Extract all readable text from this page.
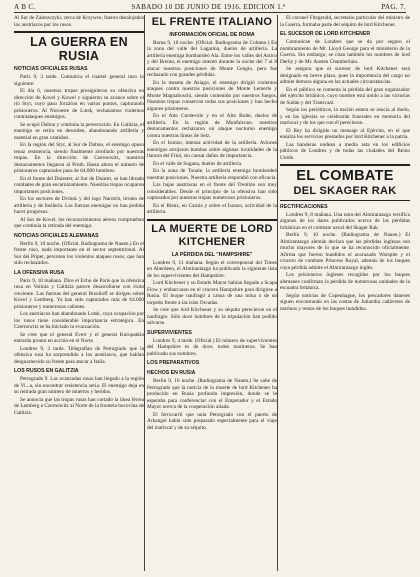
A B C.	SABADO 10 DE JUNIO DE 1916. EDICION 1.ª	PAG. 7.

Al Sur de Zaleszczyki, cerca de Krzywce, fueron desalojados los austriacos por los rusos.

LA GUERRA EN RUSIA
NOTICIAS OFICIALES RUSAS

París 9, 3 tarde. Comunica el cuartel general ruso lo siguiente:

El día 6, nuestras tropas prosiguieron su ofensiva en dirección de Kovel y Kowel y siguieron su avance sobre el río Styr, cuyo paso forzaron en varios puntos, capturando prisioneros. Al Noroeste de Lutsk, rechazamos violentos contraataques enemigos.

Se ocupó Dubno y continúa la persecución. En Galitzia, el enemigo se retira en desorden, abandonando artillería y material en gran cantidad.

En la región del Styr, al Sur de Dubno, el enemigo opuso tenaz resistencia, siendo finalmente arrollado por nuestras tropas. En la dirección de Czernowitz, nuestros destacamentos llegaron al Pruth. Hasta ahora el número de prisioneros capturados pasa de 64.000 hombres.

En el frente del Dniester, al Sur de Dniestr, se han librado combates de gran encarnizamiento. Nuestras tropas ocuparon importantes posiciones.

En los sectores de Dvinsk y del lago Narotch, tiroteo de artillería y de fusilería. Las fuerzas enemigas no han podido hacer progresos.

Al Sur de Kovel, los reconocimientos aéreos comprueban que continúa la retirada del enemigo.

NOTICIAS OFICIALES ALEMANAS

Berlín 9, 10 noche. (Oficial. Radiograma de Nauen.) En el frente ruso, nada importante en el sector septentrional. Al Sur del Pripet, persisten los violentos ataques rusos, que han sido rechazados.

LA OFENSIVA RUSA

París 9, 10 mañana. Dice el Echo de Paris que la ofensiva rusa en Volinia y Galitzia parece desarrollarse con éxito creciente. Las fuerzas del general Brusiloff se dirigen sobre Kovel y Lemberg. Ya han sido capturados más de 64.000 prisioneros y numerosos cañones.

Los austriacos han abandonado Lutsk, cuya ocupación por los rusos tiene considerable importancia estratégica. En Czernowitz se ha iniciado la evacuación.

Se cree que el general Evert y el general Kuropatkin entrarán pronto en acción en el Norte.

Londres 9, 3 tarde. Telegrafían de Petrogrado que la ofensiva rusa ha sorprendido a los austriacos, que habían desguarnecido su frente para atacar a Italia.

LOS RUSOS EN GALITZIA

Petrogrado 9. Las avanzadas rusas han llegado a la región de Vi...a, sin encontrar resistencia seria. El enemigo deja en su retirada gran número de muertos y heridos.

Se anuncia que las tropas rusas han cortado la línea férrea de Lemberg a Czernowitz al Norte de la frontera bucovina de Galitzia.

EL FRENTE ITALIANO
INFORMACIÓN OFICIAL DE ROMA

Roma 9, 10 noche. (Oficial. Radiograma de Coltano.) En la zona del valle del Lagarina, duelos de artillería. La artillería enemiga bombardeó Ala. Entre los valles del Astico y del Brenta, el enemigo intentó durante la noche del 7 al 8 atacar nuestras posiciones de Monte Cengio, pero fue rechazado con grandes pérdidas.

En la meseta de Asiago, el enemigo dirigió violentos ataques contra nuestras posiciones de Monte Lemerle y Monte Magnaboschi, siendo contenido por nuestros fuegos. Nuestras tropas conservan todas sus posiciones y han hecho algunos prisioneros.

En el Alto Cordevole y en el Alto Boite, duelos de artillería. En la región de Monfalcone, nuestros destacamentos rechazaron un ataque nocturno enemigo contra nuestras líneas de Selz.

En el Isonzo, intensa actividad de la artillería. Aviones enemigos arrojaron bombas sobre algunas localidades de la llanura del Friul, sin causar daños de importancia.

En el valle de Sugana, duelos de artillería.

En la zona de Tonale, la artillería enemiga bombardeó nuestras posiciones. Nuestra artillería respondió con eficacia.

Las bajas austriacas en el frente del Trentino son muy considerables. Desde el principio de la ofensiva han sido capturados por nuestras tropas numerosos prisioneros.

En el Rienz, en Carnia y sobre el Isonzo, actividad de la artillería.

LA MUERTE DE LORD
KITCHENER
LA PÉRDIDA DEL "HAMPSHIRE"

Londres 9, 11 mañana. Según el corresponsal del Times en Aberdeen, el Almirantazgo ha publicado la siguiente lista de los supervivientes del Hampshire.

Lord Kitchener y su Estado Mayor habían llegado a Scapa Flow y embarcaron en el crucero Hampshire para dirigirse a Rusia. El buque naufragó a causa de una mina o de un torpedo frente a las islas Orcadas.

Se cree que lord Kitchener y su séquito perecieron en el naufragio. Sólo doce hombres de la tripulación han podido salvarse.

SUPERVIVIENTES

Londres 9, 4 tarde. (Oficial.) El número de supervivientes del Hampshire es de doce, todos marineros. Se han publicado sus nombres.

LOS PREPARATIVOS
HECHOS EN RUSIA

Berlín 9, 10 noche. (Radiograma de Nauen.) Se sabe de Petrogrado que la noticia de la muerte de lord Kitchener ha producido en Rusia profunda impresión, donde se le esperaba para conferenciar con el Emperador y el Estado Mayor acerca de la cooperación aliada.

El ferrocarril que unía Petrogrado con el puerto de Arkangel había sido preparado especialmente para el viaje del mariscal y de su séquito.

El coronel Fitzgerald, secretario particular del ministro de la Guerra, formaba parte del séquito de lord Kitchener.

EL SUCESOR DE LORD KITCHENER

Comunican de Londres que se da por seguro el nombramiento de Mr. Lloyd George para el ministerio de la Guerra. Sin embargo, se citan también los nombres de lord Derby y de Mr. Austen Chamberlain.

Se asegura que el sucesor de lord Kitchener será designado en breve plazo, pues la importancia del cargo no admite demora alguna en las actuales circunstancias.

En el público se comenta la pérdida del gran organizador del ejército británico, cuyo nombre está unido a las victorias de Sudán y del Transvaal.

Según los periódicos, la nación entera se asocia al duelo, y en las iglesias se celebrarán funerales en memoria del mariscal y de los que con él perecieron.

El Rey ha dirigido un mensaje al Ejército, en el que ensalza los servicios prestados por lord Kitchener a la patria.

Las banderas ondean a media asta en los edificios públicos de Londres y de todas las ciudades del Reino Unido.

EL COMBATE
DEL SKAGER RAK
RECTIFICACIONES

Londres 9, 8 mañana. Una nota del Almirantazgo rectifica algunos de los datos publicados acerca de las pérdidas británicas en el combate naval del Skager Rak.

Berlín 9, 10 noche. (Radiograma de Nauen.) El Almirantazgo alemán declara que las pérdidas inglesas son mucho mayores de lo que se ha reconocido oficialmente. Afirma que fueron hundidos el acorazado Warspite y el crucero de combate Princess Royal, además de los buques cuya pérdida admite el Almirantazgo inglés.

Los prisioneros ingleses recogidos por los buques alemanes confirman la pérdida de numerosas unidades de la escuadra británica.

Según noticias de Copenhague, los pescadores daneses siguen encontrando en las costas de Jutlandia cadáveres de marinos y restos de los buques hundidos.
